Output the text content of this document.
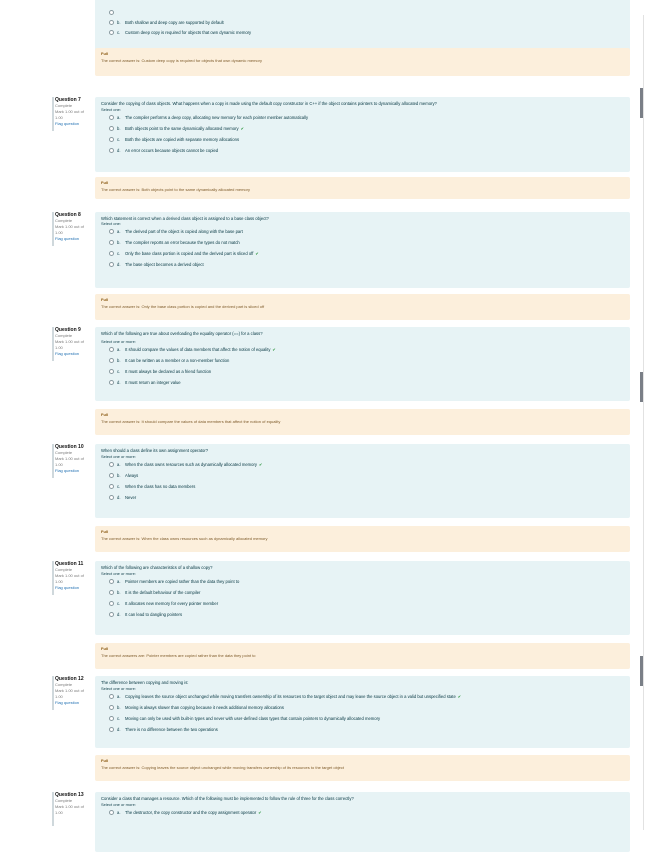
b. Both shallow and deep copy are supported by default
c. Custom deep copy is required for objects that own dynamic memory
Full
The correct answer is: Custom deep copy is required for objects that own dynamic memory
Question 7
Complete
Mark 1.00 out of 1.00
Flag question
Consider the copying of class objects. What happens when a copy is made using the default copy constructor in C++ if the object contains pointers to dynamically allocated memory?
Select one:
a. The compiler performs a deep copy, allocating new memory for each pointer member automatically
b. Both objects point to the same dynamically allocated memory ✔
c. Both the objects are copied with separate memory allocations
d. An error occurs because objects cannot be copied
Full
The correct answer is: Both objects point to the same dynamically allocated memory
Question 8
Complete
Mark 1.00 out of 1.00
Flag question
Which statement is correct when a derived class object is assigned to a base class object?
Select one:
a. The derived part of the object is copied along with the base part
b. The compiler reports an error because the types do not match
c. Only the base class portion is copied and the derived part is sliced off ✔
d. The base object becomes a derived object
Full
The correct answer is: Only the base class portion is copied and the derived part is sliced off
Question 9
Complete
Mark 1.00 out of 1.00
Flag question
Which of the following are true about overloading the equality operator (==) for a class?
Select one or more:
a. It should compare the values of data members that affect the notion of equality ✔
b. It can be written as a member or a non-member function
c. It must always be declared as a friend function
d. It must return an integer value
Full
The correct answer is: It should compare the values of data members that affect the notion of equality
Question 10
Complete
Mark 1.00 out of 1.00
Flag question
When should a class define its own assignment operator?
Select one or more:
a. When the class owns resources such as dynamically allocated memory ✔
b. Always
c. When the class has no data members
d. Never
Full
The correct answer is: When the class owns resources such as dynamically allocated memory
Question 11
Complete
Mark 1.00 out of 1.00
Flag question
Which of the following are characteristics of a shallow copy?
Select one or more:
a. Pointer members are copied rather than the data they point to
b. It is the default behaviour of the compiler
c. It allocates new memory for every pointer member
d. It can lead to dangling pointers
Full
The correct answers are: Pointer members are copied rather than the data they point to
Question 12
Complete
Mark 1.00 out of 1.00
Flag question
The difference between copying and moving is:
Select one or more:
a. Copying leaves the source object unchanged while moving transfers ownership of its resources to the target object and may leave the source object in a valid but unspecified state ✔
b. Moving is always slower than copying because it needs additional memory allocations
c. Moving can only be used with built-in types and never with user-defined class types that contain pointers to dynamically allocated memory
d. There is no difference between the two operations
Full
The correct answer is: Copying leaves the source object unchanged while moving transfers ownership of its resources to the target object
Question 13
Complete
Mark 1.00 out of 1.00
Consider a class that manages a resource. Which of the following must be implemented to follow the rule of three for the class correctly?
Select one or more:
a. The destructor, the copy constructor and the copy assignment operator ✔
